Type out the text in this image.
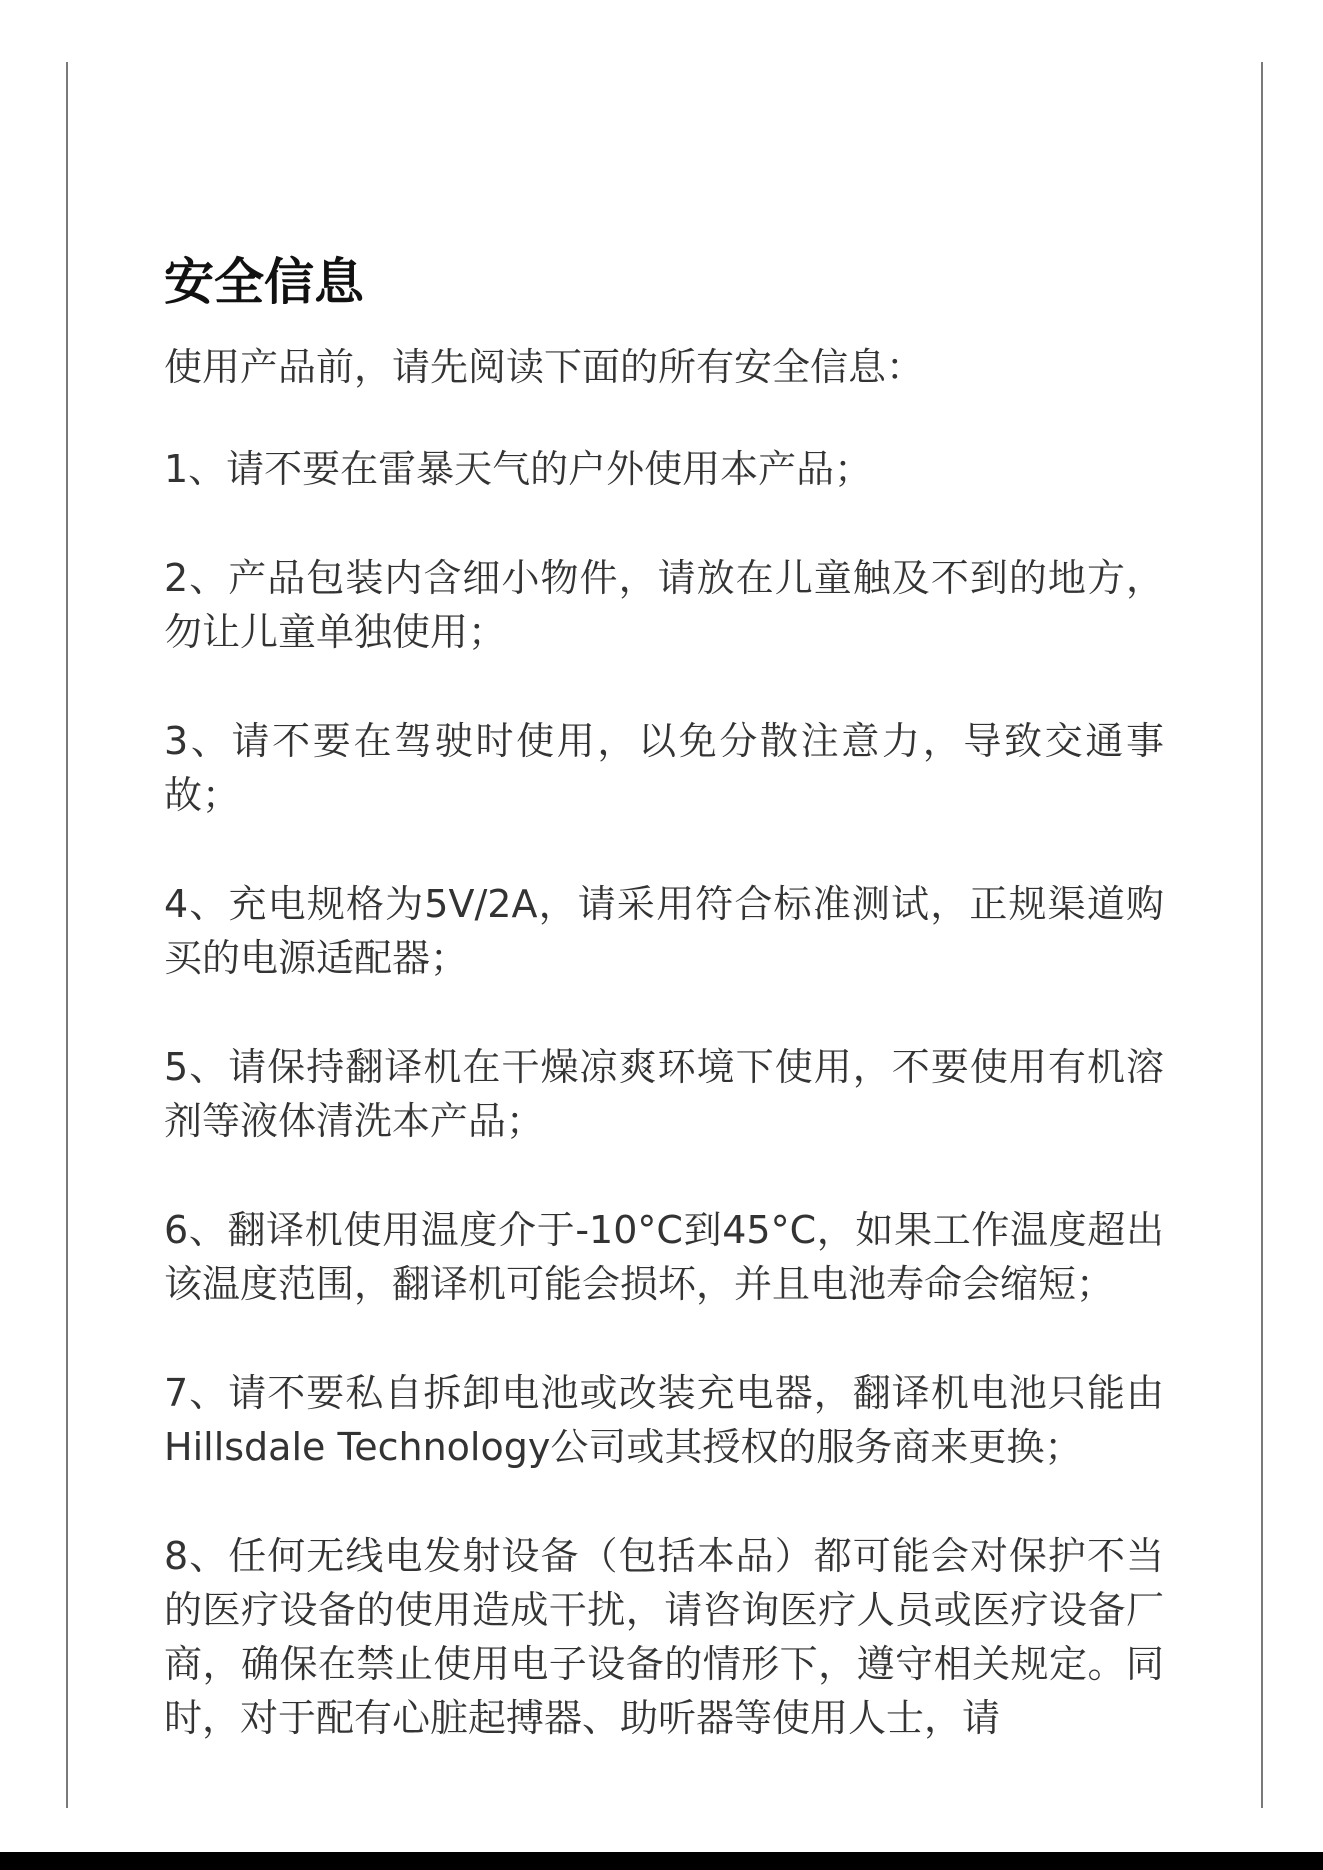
安全信息

使用产品前，请先阅读下面的所有安全信息：

1、请不要在雷暴天气的户外使用本产品；

2、产品包装内含细小物件，请放在儿童触及不到的地方，勿让儿童单独使用；

3、请不要在驾驶时使用，以免分散注意力，导致交通事故；

4、充电规格为5V/2A，请采用符合标准测试，正规渠道购买的电源适配器；

5、请保持翻译机在干燥凉爽环境下使用，不要使用有机溶剂等液体清洗本产品；

6、翻译机使用温度介于-10°C到45°C，如果工作温度超出该温度范围，翻译机可能会损坏，并且电池寿命会缩短；

7、请不要私自拆卸电池或改装充电器，翻译机电池只能由Hillsdale Technology公司或其授权的服务商来更换；

8、任何无线电发射设备（包括本品）都可能会对保护不当的医疗设备的使用造成干扰，请咨询医疗人员或医疗设备厂商，确保在禁止使用电子设备的情形下，遵守相关规定。同时，对于配有心脏起搏器、助听器等使用人士，请
